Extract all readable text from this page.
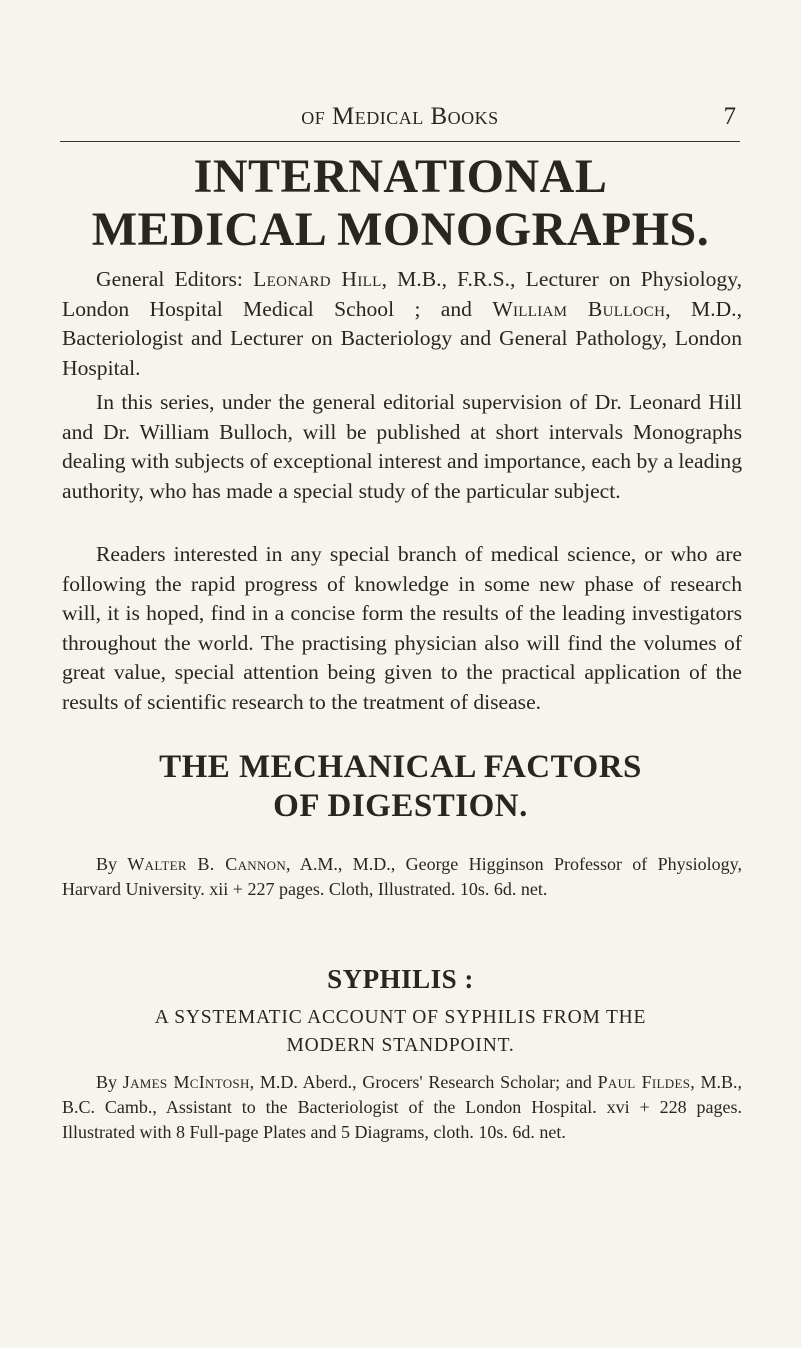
of Medical Books	7
INTERNATIONAL
MEDICAL MONOGRAPHS.

General Editors: Leonard Hill, M.B., F.R.S., Lecturer on Physiology, London Hospital Medical School ; and William Bulloch, M.D., Bacteriologist and Lecturer on Bacteriology and General Pathology, London Hospital.

In this series, under the general editorial supervision of Dr. Leonard Hill and Dr. William Bulloch, will be published at short intervals Monographs dealing with subjects of exceptional interest and importance, each by a leading authority, who has made a special study of the particular subject.

Readers interested in any special branch of medical science, or who are following the rapid progress of knowledge in some new phase of research will, it is hoped, find in a concise form the results of the leading investigators throughout the world. The practising physician also will find the volumes of great value, special attention being given to the practical application of the results of scientific research to the treatment of disease.

THE MECHANICAL FACTORS
OF DIGESTION.

By Walter B. Cannon, A.M., M.D., George Higginson Professor of Physiology, Harvard University. xii + 227 pages. Cloth, Illustrated. 10s. 6d. net.

SYPHILIS :
A SYSTEMATIC ACCOUNT OF SYPHILIS FROM THE
MODERN STANDPOINT.

By James McIntosh, M.D. Aberd., Grocers' Research Scholar; and Paul Fildes, M.B., B.C. Camb., Assistant to the Bacteriologist of the London Hospital. xvi + 228 pages. Illustrated with 8 Full-page Plates and 5 Diagrams, cloth. 10s. 6d. net.
